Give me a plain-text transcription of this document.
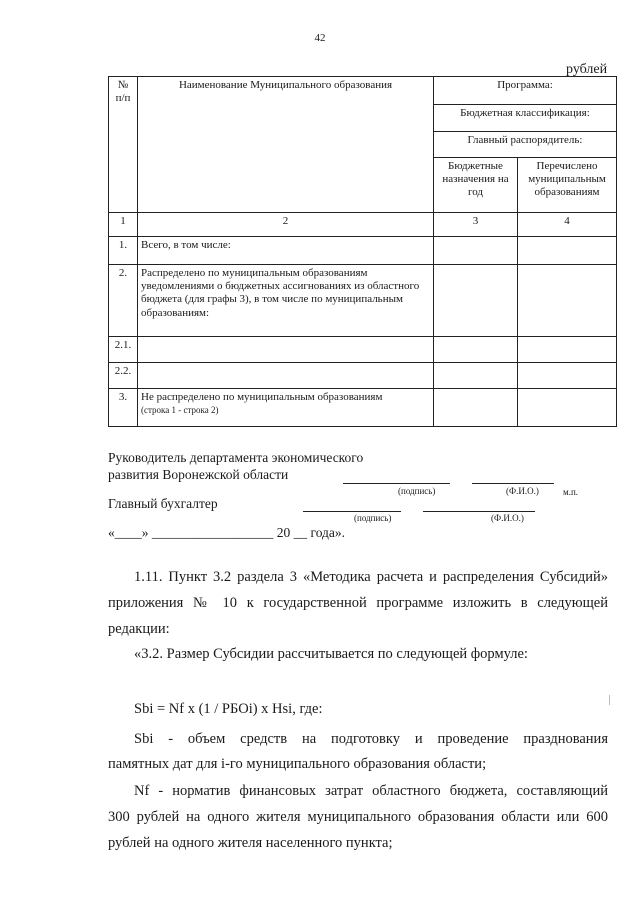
42
рублей
№ п/п	Наименование Муниципального образования	Программа:	
		Бюджетная классификация:	
		Главный распорядитель:	
		Бюджетные назначения на год	Перечислено муниципальным образованиям
1	2	3	4
1.	Всего, в том числе:		
2.	Распределено по муниципальным образованиям уведомлениями о бюджетных ассигнованиях из областного бюджета (для графы 3), в том числе по муниципальным образованиям:		
2.1.			
2.2.			
3.	Не распределено по муниципальным образованиям
(строка 1 - строка 2)		
Руководитель департамента экономического
развития Воронежской области
(подпись)	(Ф.И.О.)	м.п.
Главный бухгалтер
(подпись)	(Ф.И.О.)
«____» __________________ 20 __ года».
1.11. Пункт 3.2 раздела 3 «Методика расчета и распределения Субсидий»
приложения № 10 к государственной программе изложить в следующей
редакции:
«3.2. Размер Субсидии рассчитывается по следующей формуле:
Sbi = Nf x (1 / РБОi) x Нsi, где:
Sbi - объем средств на подготовку и проведение празднования
памятных дат для i-го муниципального образования области;
Nf - норматив финансовых затрат областного бюджета, составляющий
300 рублей на одного жителя муниципального образования области или 600
рублей на одного жителя населенного пункта;
